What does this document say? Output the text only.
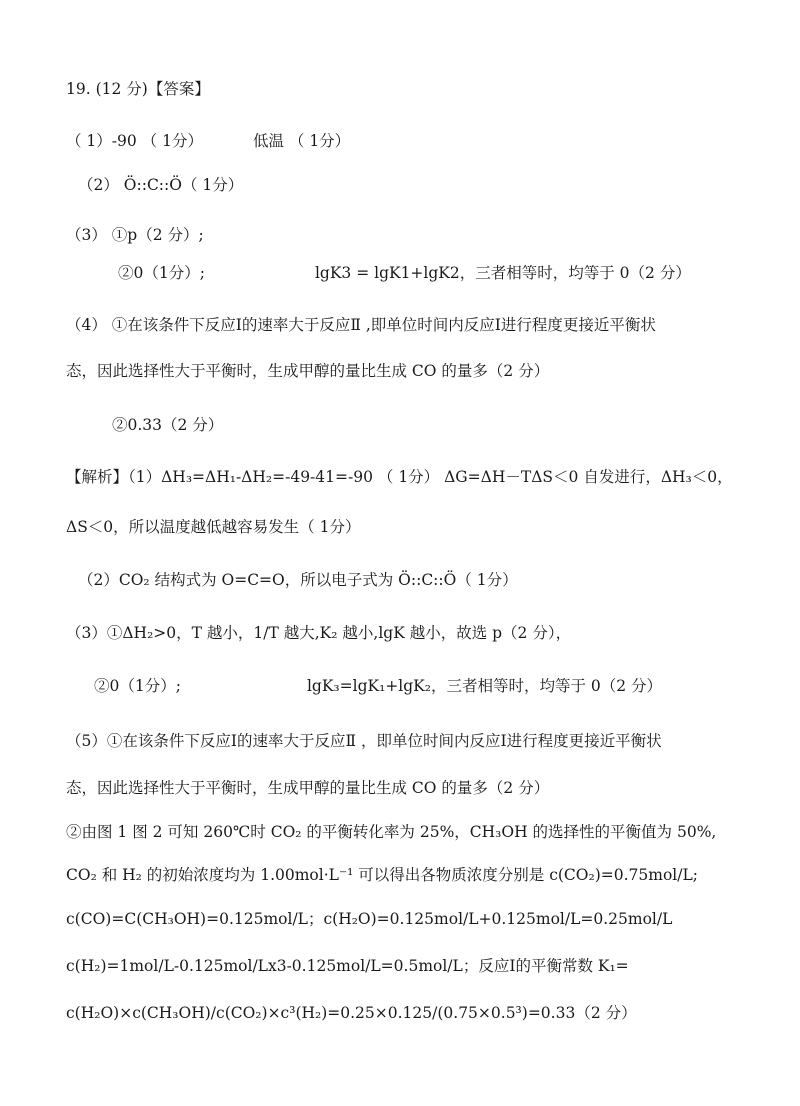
19. (12 分)【答案】
（ 1）-90 （ 1分）	低温 （ 1分）
（2） Ö::C::Ö（ 1分）
（3） ①p（2 分）;
②0（1分）;	lgK3 = lgK1+lgK2，三者相等时，均等于 0（2 分）
（4） ①在该条件下反应Ⅰ的速率大于反应Ⅱ ,即单位时间内反应Ⅰ进行程度更接近平衡状
态，因此选择性大于平衡时，生成甲醇的量比生成 CO 的量多（2 分）
②0.33（2 分）
【解析】（1）ΔH₃=ΔH₁-ΔH₂=-49-41=-90 （ 1分） ΔG=ΔH－TΔS＜0 自发进行，ΔH₃＜0，
ΔS＜0，所以温度越低越容易发生（ 1分）
（2）CO₂ 结构式为 O=C=O，所以电子式为 Ö::C::Ö（ 1分）
（3）①ΔH₂>0，T 越小，1/T 越大,K₂ 越小,lgK 越小，故选 p（2 分），
②0（1分）;	lgK₃=lgK₁+lgK₂，三者相等时，均等于 0（2 分）
（5）①在该条件下反应Ⅰ的速率大于反应Ⅱ ，即单位时间内反应Ⅰ进行程度更接近平衡状
态，因此选择性大于平衡时，生成甲醇的量比生成 CO 的量多（2 分）
②由图 1 图 2 可知 260℃时 CO₂ 的平衡转化率为 25%，CH₃OH 的选择性的平衡值为 50%,
CO₂ 和 H₂ 的初始浓度均为 1.00mol·L⁻¹ 可以得出各物质浓度分别是 c(CO₂)=0.75mol/L;
c(CO)=C(CH₃OH)=0.125mol/L；c(H₂O)=0.125mol/L+0.125mol/L=0.25mol/L
c(H₂)=1mol/L-0.125mol/Lx3-0.125mol/L=0.5mol/L；反应Ⅰ的平衡常数 K₁=
c(H₂O)×c(CH₃OH)/c(CO₂)×c³(H₂)=0.25×0.125/(0.75×0.5³)=0.33（2 分）
